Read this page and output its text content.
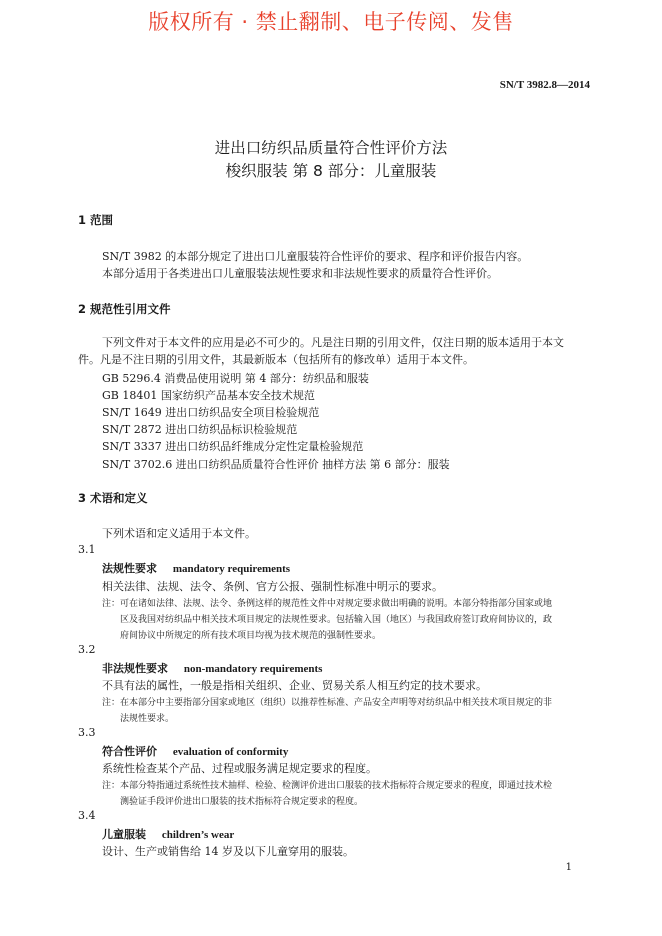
版权所有 · 禁止翻制、电子传阅、发售
SN/T 3982.8—2014
进出口纺织品质量符合性评价方法
梭织服装 第 8 部分：儿童服装
1 范围
SN/T 3982 的本部分规定了进出口儿童服装符合性评价的要求、程序和评价报告内容。
本部分适用于各类进出口儿童服装法规性要求和非法规性要求的质量符合性评价。
2 规范性引用文件
下列文件对于本文件的应用是必不可少的。凡是注日期的引用文件，仅注日期的版本适用于本文
件。凡是不注日期的引用文件，其最新版本（包括所有的修改单）适用于本文件。
GB 5296.4 消费品使用说明 第 4 部分：纺织品和服装
GB 18401 国家纺织产品基本安全技术规范
SN/T 1649 进出口纺织品安全项目检验规范
SN/T 2872 进出口纺织品标识检验规范
SN/T 3337 进出口纺织品纤维成分定性定量检验规范
SN/T 3702.6 进出口纺织品质量符合性评价 抽样方法 第 6 部分：服装
3 术语和定义
下列术语和定义适用于本文件。
3.1
法规性要求 mandatory requirements
相关法律、法规、法令、条例、官方公报、强制性标准中明示的要求。
注：可在诸如法律、法规、法令、条例这样的规范性文件中对规定要求做出明确的说明。本部分特指部分国家或地
区及我国对纺织品中相关技术项目规定的法规性要求。包括输入国（地区）与我国政府签订政府间协议的，政
府间协议中所规定的所有技术项目均视为技术规范的强制性要求。
3.2
非法规性要求 non-mandatory requirements
不具有法的属性，一般是指相关组织、企业、贸易关系人相互约定的技术要求。
注：在本部分中主要指部分国家或地区（组织）以推荐性标准、产品安全声明等对纺织品中相关技术项目规定的非
法规性要求。
3.3
符合性评价 evaluation of conformity
系统性检查某个产品、过程或服务满足规定要求的程度。
注：本部分特指通过系统性技术抽样、检验、检测评价进出口服装的技术指标符合规定要求的程度，即通过技术检
测验证手段评价进出口服装的技术指标符合规定要求的程度。
3.4
儿童服装 children’s wear
设计、生产或销售给 14 岁及以下儿童穿用的服装。
1
